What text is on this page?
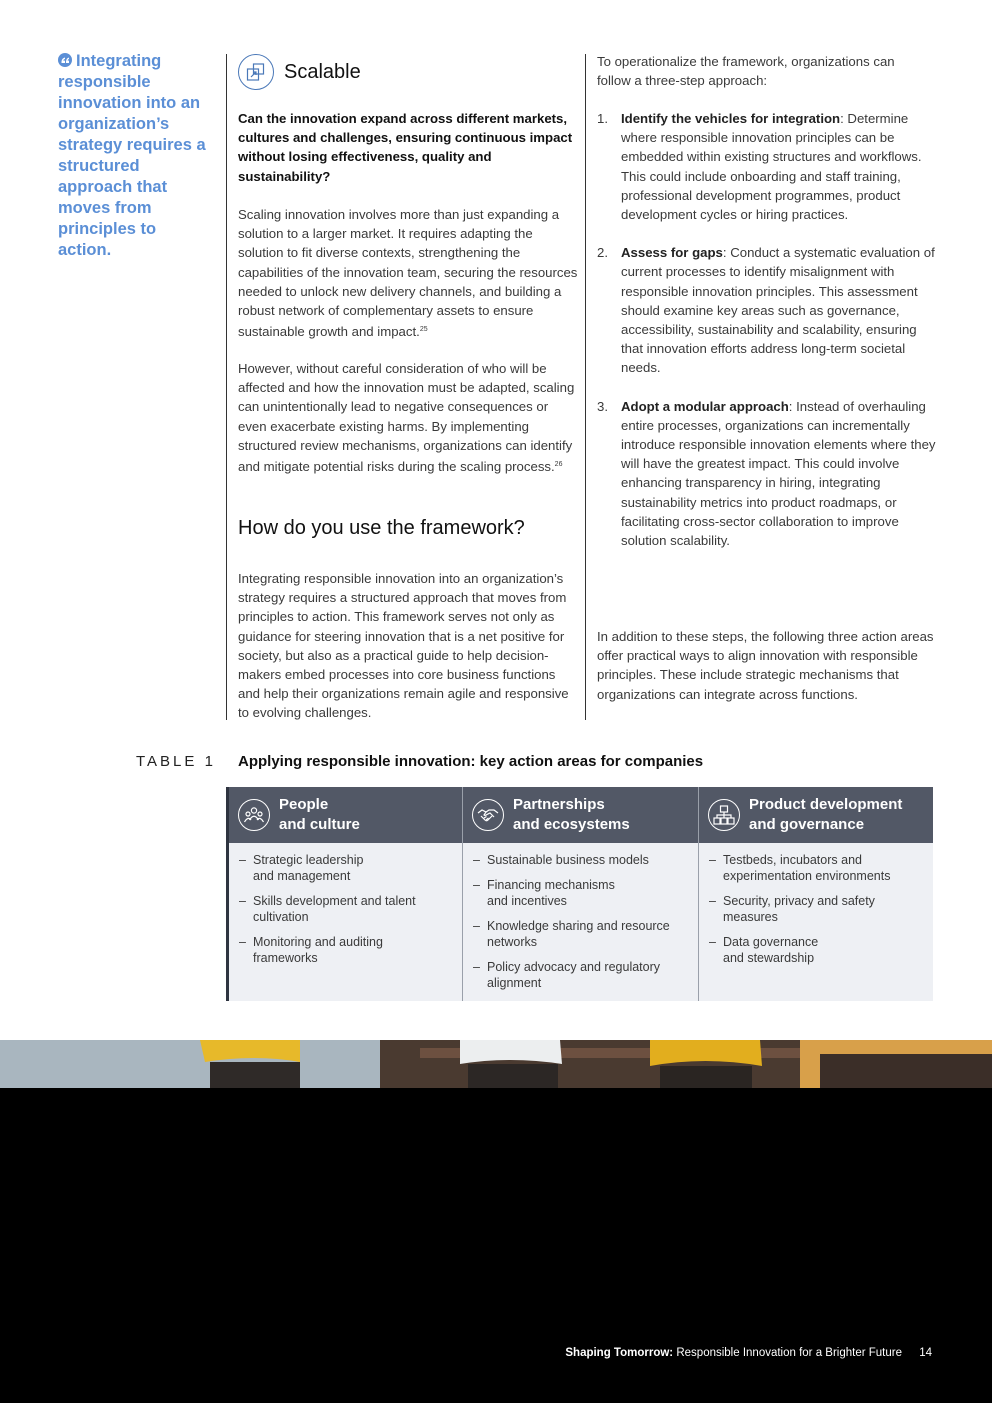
Integrating responsible innovation into an organization’s strategy requires a structured approach that moves from principles to action.
Scalable
Can the innovation expand across different markets, cultures and challenges, ensuring continuous impact without losing effectiveness, quality and sustainability?
Scaling innovation involves more than just expanding a solution to a larger market. It requires adapting the solution to fit diverse contexts, strengthening the capabilities of the innovation team, securing the resources needed to unlock new delivery channels, and building a robust network of complementary assets to ensure sustainable growth and impact.$^{25}$
However, without careful consideration of who will be affected and how the innovation must be adapted, scaling can unintentionally lead to negative consequences or even exacerbate existing harms. By implementing structured review mechanisms, organizations can identify and mitigate potential risks during the scaling process.$^{26}$
How do you use the framework?
Integrating responsible innovation into an organization’s strategy requires a structured approach that moves from principles to action. This framework serves not only as guidance for steering innovation that is a net positive for society, but also as a practical guide to help decision-makers embed processes into core business functions and help their organizations remain agile and responsive to evolving challenges.
To operationalize the framework, organizations can follow a three-step approach:
1. Identify the vehicles for integration: Determine where responsible innovation principles can be embedded within existing structures and workflows. This could include onboarding and staff training, professional development programmes, product development cycles or hiring practices.
2. Assess for gaps: Conduct a systematic evaluation of current processes to identify misalignment with responsible innovation principles. This assessment should examine key areas such as governance, accessibility, sustainability and scalability, ensuring that innovation efforts address long-term societal needs.
3. Adopt a modular approach: Instead of overhauling entire processes, organizations can incrementally introduce responsible innovation elements where they will have the greatest impact. This could involve enhancing transparency in hiring, integrating sustainability metrics into product roadmaps, or facilitating cross-sector collaboration to improve solution scalability.
In addition to these steps, the following three action areas offer practical ways to align innovation with responsible principles. These include strategic mechanisms that organizations can integrate across functions.
TABLE 1 Applying responsible innovation: key action areas for companies
People
and culture
– Strategic leadership
and management
– Skills development and talent
cultivation
– Monitoring and auditing
frameworks
Partnerships
and ecosystems
– Sustainable business models
– Financing mechanisms
and incentives
– Knowledge sharing and resource
networks
– Policy advocacy and regulatory
alignment
Product development
and governance
– Testbeds, incubators and
experimentation environments
– Security, privacy and safety
measures
– Data governance
and stewardship
Shaping Tomorrow: Responsible Innovation for a Brighter Future 14
